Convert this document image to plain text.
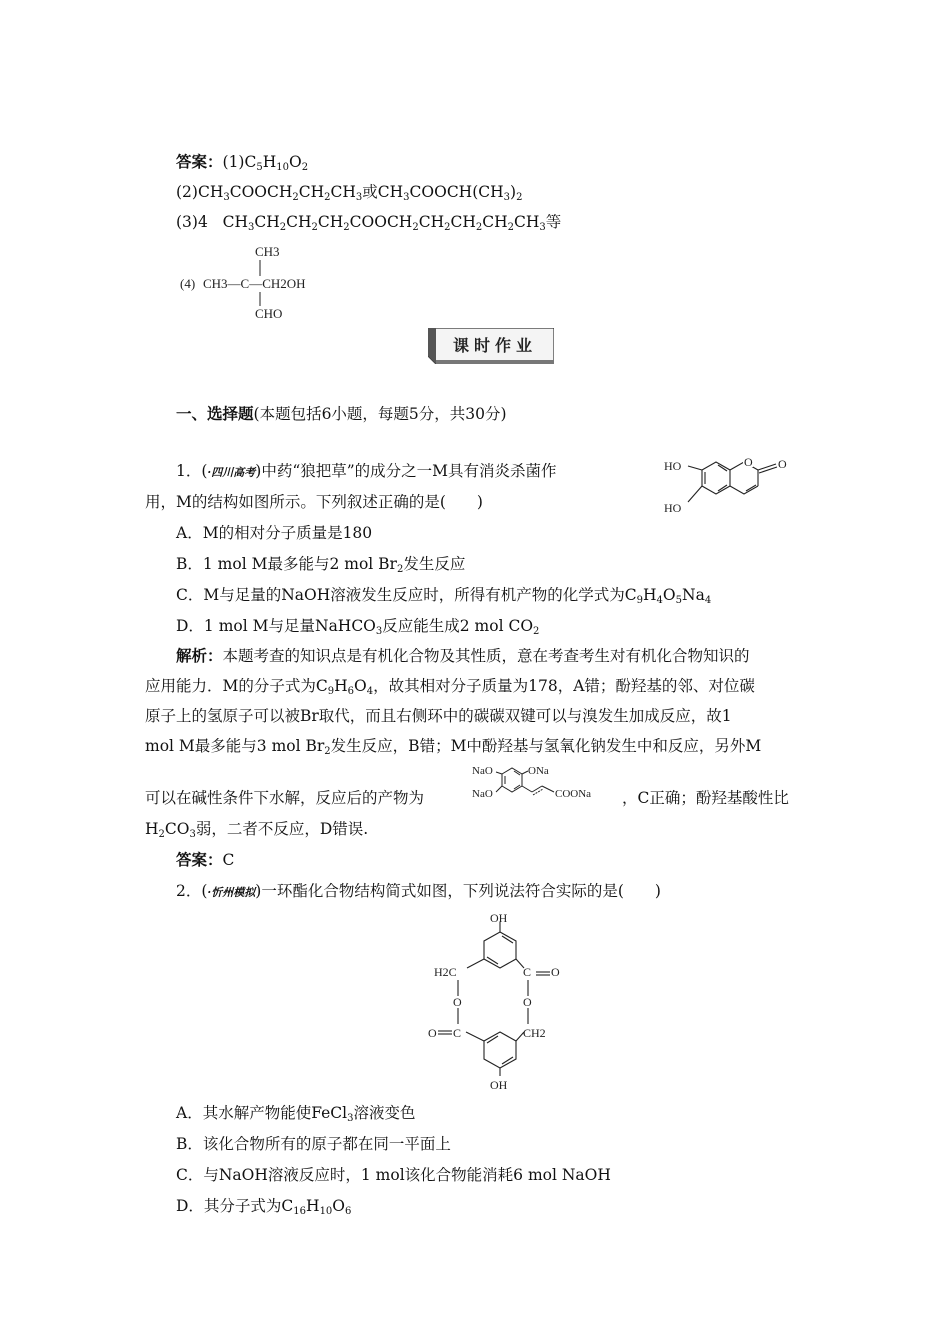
答案：$(1)C_5H_{10}O_2$
$(2)CH_3COOCH_2CH_2CH_3$或$CH_3COOCH(CH_3)_2$
(3)4 $CH_3CH_2CH_2CH_2COOCH_2CH_2CH_2CH_2CH_3$等
(4)
CH3
CH3—C—CH2OH
CHO
课时作业
一、选择题(本题包括6小题，每题5分，共30分)
1．(·四川高考)中药“狼把草”的成分之一M具有消炎杀菌作
用，M的结构如图所示。下列叙述正确的是(　　)
HO
HO
O O
A．M的相对分子质量是180
B．1 mol M最多能与2 mol $Br_2$发生反应
C．M与足量的NaOH溶液发生反应时，所得有机产物的化学式为$C_9H_4O_5Na_4$
D．1 mol M与足量NaHCO$_3$反应能生成2 mol $CO_2$
解析：本题考查的知识点是有机化合物及其性质，意在考查考生对有机化合物知识的
应用能力．M的分子式为$C_9H_6O_4$，故其相对分子质量为178，A错；酚羟基的邻、对位碳
原子上的氢原子可以被Br取代，而且右侧环中的碳碳双键可以与溴发生加成反应，故1
mol M最多能与3 mol $Br_2$发生反应，B错；M中酚羟基与氢氧化钠发生中和反应，另外M
可以在碱性条件下水解，反应后的产物为
NaO	ONa
NaO	COONa ，C正确；酚羟基酸性比
$H_2CO_3$弱，二者不反应，D错误.
答案：C
2．(·忻州模拟)一环酯化合物结构简式如图，下列说法符合实际的是(　　)
OH
H2C	C O
O	O
O C	CH2
OH
A．其水解产物能使FeCl$_3$溶液变色
B．该化合物所有的原子都在同一平面上
C．与NaOH溶液反应时，1 mol该化合物能消耗6 mol NaOH
D．其分子式为$C_{16}H_{10}O_6$
